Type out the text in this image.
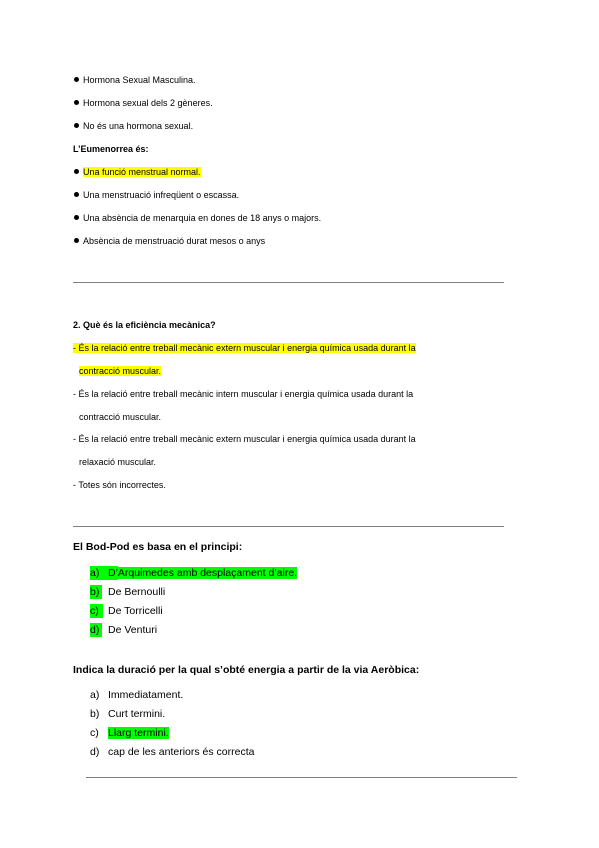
Hormona Sexual Masculina.
Hormona sexual dels 2 gèneres.
No és una hormona sexual.
L’Eumenorrea és:
Una funció menstrual normal.
Una menstruació infreqüent o escassa.
Una absència de menarquia en dones de 18 anys o majors.
Absència de menstruació durat mesos o anys
2. Què és la eficiència mecànica?
- És la relació entre treball mecànic extern muscular i energia química usada durant la
contracció muscular.
- És la relació entre treball mecànic intern muscular i energia química usada durant la
contracció muscular.
- És la relació entre treball mecànic extern muscular i energia química usada durant la
relaxació muscular.
- Totes són incorrectes.
El Bod-Pod es basa en el principi:
a) D’Arquimedes amb desplaçament d’aire.
b) De Bernoulli
c) De Torricelli
d) De Venturi
Indica la duració per la qual s’obté energia a partir de la via Aeròbica:
a) Immediatament.
b) Curt termini.
c) Llarg termini.
d) cap de les anteriors és correcta
